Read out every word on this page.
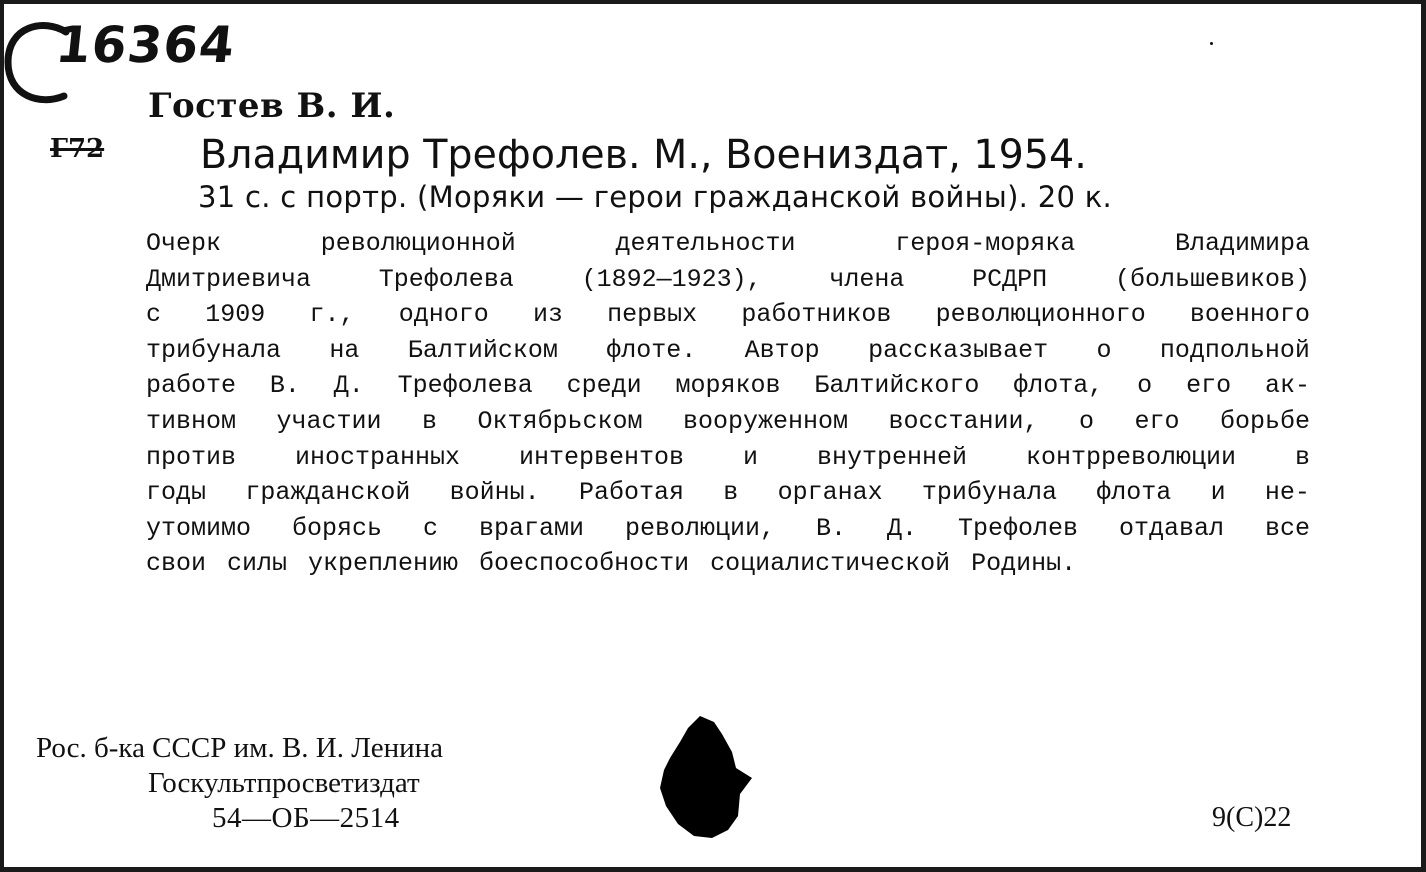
16364
Гостев В. И.
Г72 Владимир Трефолев. М., Воениздат, 1954.
31 с. с портр. (Моряки — герои гражданской войны). 20 к.
Очерк	революционной	деятельности	героя-моряка	Владимира
Дмитриевича	Трефолева	(1892—1923),	члена	РСДРП	(большевиков)
с 1909 г., одного из первых работников революционного военного
трибунала на Балтийском флоте. Автор рассказывает о подпольной
работе В. Д. Трефолева среди моряков Балтийского флота, о его ак-
тивном участии в Октябрьском вооруженном восстании, о его борьбе
против иностранных интервентов и внутренней контрреволюции в
годы гражданской войны. Работая в органах трибунала флота и не-
утомимо борясь с врагами революции, В. Д. Трефолев отдавал все
свои силы укреплению боеспособности социалистической Родины.
Рос. б-ка СССР им. В. И. Ленина
Госкультпросветиздат
54—ОБ—2514	9(С)22
